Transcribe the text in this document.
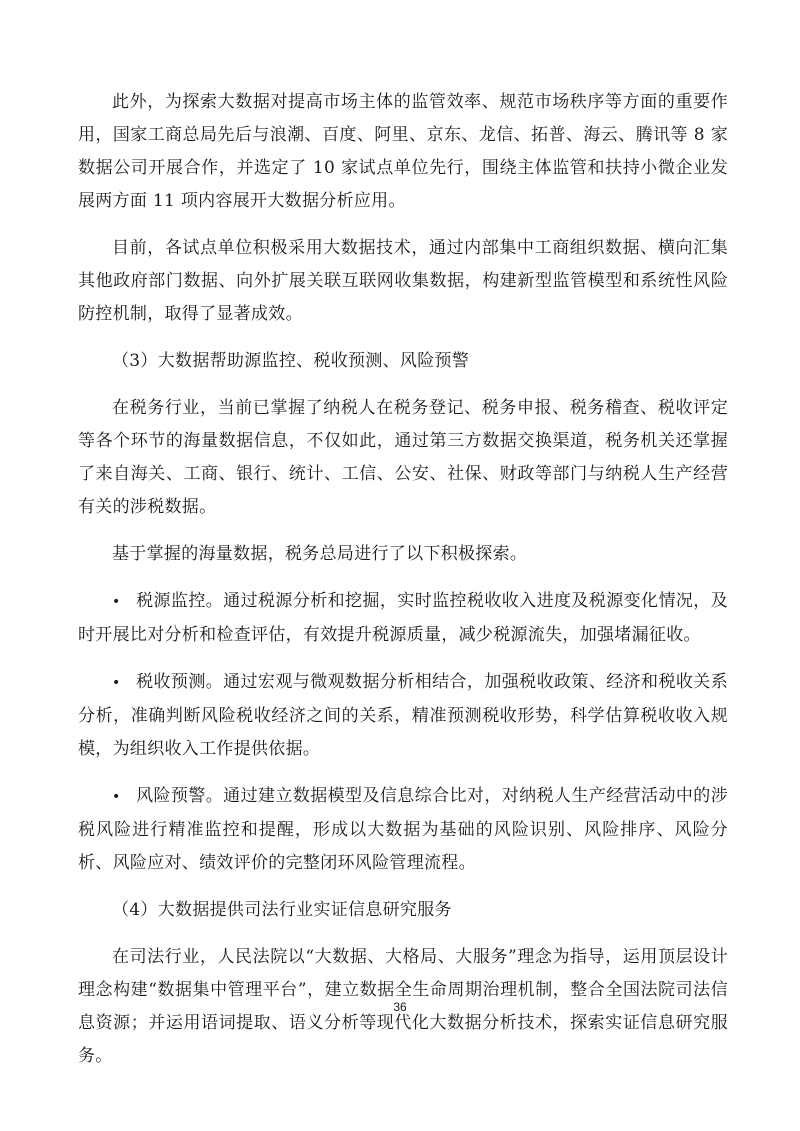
此外，为探索大数据对提高市场主体的监管效率、规范市场秩序等方面的重要作用，国家工商总局先后与浪潮、百度、阿里、京东、龙信、拓普、海云、腾讯等 8 家数据公司开展合作，并选定了 10 家试点单位先行，围绕主体监管和扶持小微企业发展两方面 11 项内容展开大数据分析应用。

目前，各试点单位积极采用大数据技术，通过内部集中工商组织数据、横向汇集其他政府部门数据、向外扩展关联互联网收集数据，构建新型监管模型和系统性风险防控机制，取得了显著成效。

（3）大数据帮助源监控、税收预测、风险预警

在税务行业，当前已掌握了纳税人在税务登记、税务申报、税务稽查、税收评定等各个环节的海量数据信息，不仅如此，通过第三方数据交换渠道，税务机关还掌握了来自海关、工商、银行、统计、工信、公安、社保、财政等部门与纳税人生产经营有关的涉税数据。

基于掌握的海量数据，税务总局进行了以下积极探索。

• 税源监控。通过税源分析和挖掘，实时监控税收收入进度及税源变化情况，及时开展比对分析和检查评估，有效提升税源质量，减少税源流失，加强堵漏征收。

• 税收预测。通过宏观与微观数据分析相结合，加强税收政策、经济和税收关系分析，准确判断风险税收经济之间的关系，精准预测税收形势，科学估算税收收入规模，为组织收入工作提供依据。

• 风险预警。通过建立数据模型及信息综合比对，对纳税人生产经营活动中的涉税风险进行精准监控和提醒，形成以大数据为基础的风险识别、风险排序、风险分析、风险应对、绩效评价的完整闭环风险管理流程。

（4）大数据提供司法行业实证信息研究服务

在司法行业，人民法院以“大数据、大格局、大服务”理念为指导，运用顶层设计理念构建“数据集中管理平台”，建立数据全生命周期治理机制，整合全国法院司法信息资源；并运用语词提取、语义分析等现代化大数据分析技术，探索实证信息研究服务。

36
